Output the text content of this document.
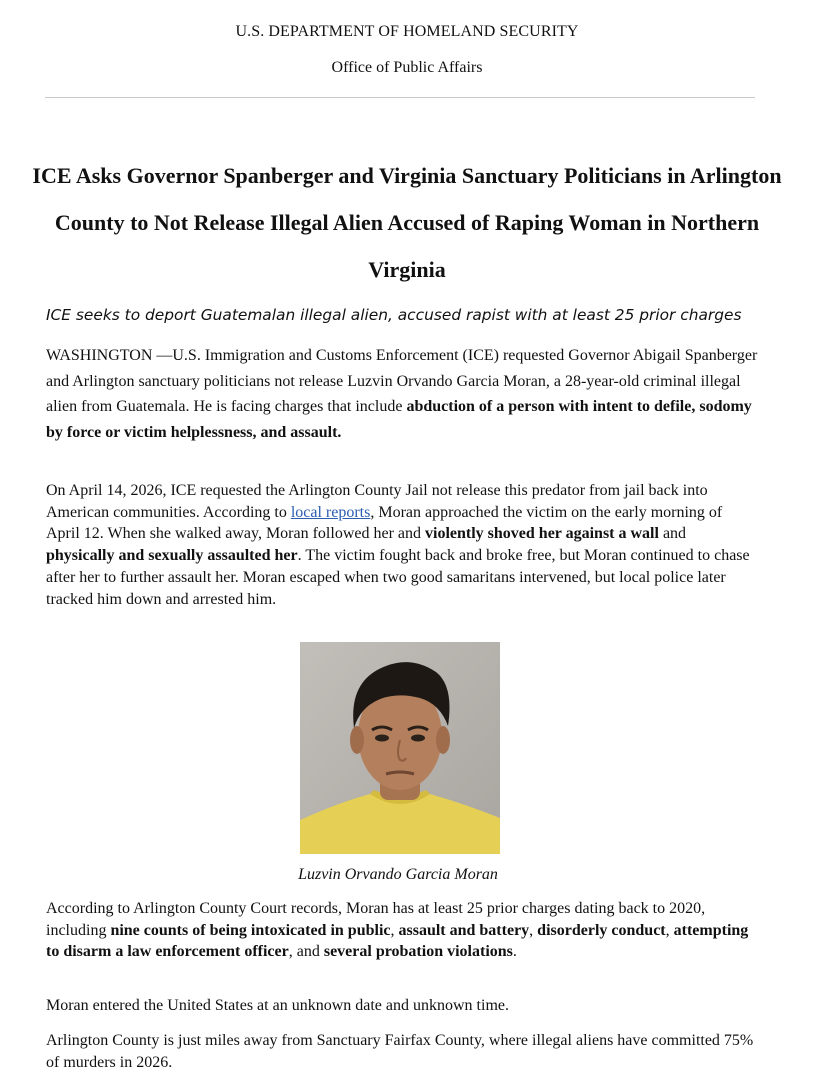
U.S. DEPARTMENT OF HOMELAND SECURITY
Office of Public Affairs
ICE Asks Governor Spanberger and Virginia Sanctuary Politicians in Arlington County to Not Release Illegal Alien Accused of Raping Woman in Northern Virginia

ICE seeks to deport Guatemalan illegal alien, accused rapist with at least 25 prior charges

WASHINGTON —U.S. Immigration and Customs Enforcement (ICE) requested Governor Abigail Spanberger and Arlington sanctuary politicians not release Luzvin Orvando Garcia Moran, a 28-year-old criminal illegal alien from Guatemala. He is facing charges that include abduction of a person with intent to defile, sodomy by force or victim helplessness, and assault.

On April 14, 2026, ICE requested the Arlington County Jail not release this predator from jail back into American communities. According to local reports, Moran approached the victim on the early morning of April 12. When she walked away, Moran followed her and violently shoved her against a wall and physically and sexually assaulted her. The victim fought back and broke free, but Moran continued to chase after her to further assault her. Moran escaped when two good samaritans intervened, but local police later tracked him down and arrested him.

Luzvin Orvando Garcia Moran

According to Arlington County Court records, Moran has at least 25 prior charges dating back to 2020, including nine counts of being intoxicated in public, assault and battery, disorderly conduct, attempting to disarm a law enforcement officer, and several probation violations.

Moran entered the United States at an unknown date and unknown time.

Arlington County is just miles away from Sanctuary Fairfax County, where illegal aliens have committed 75% of murders in 2026.
